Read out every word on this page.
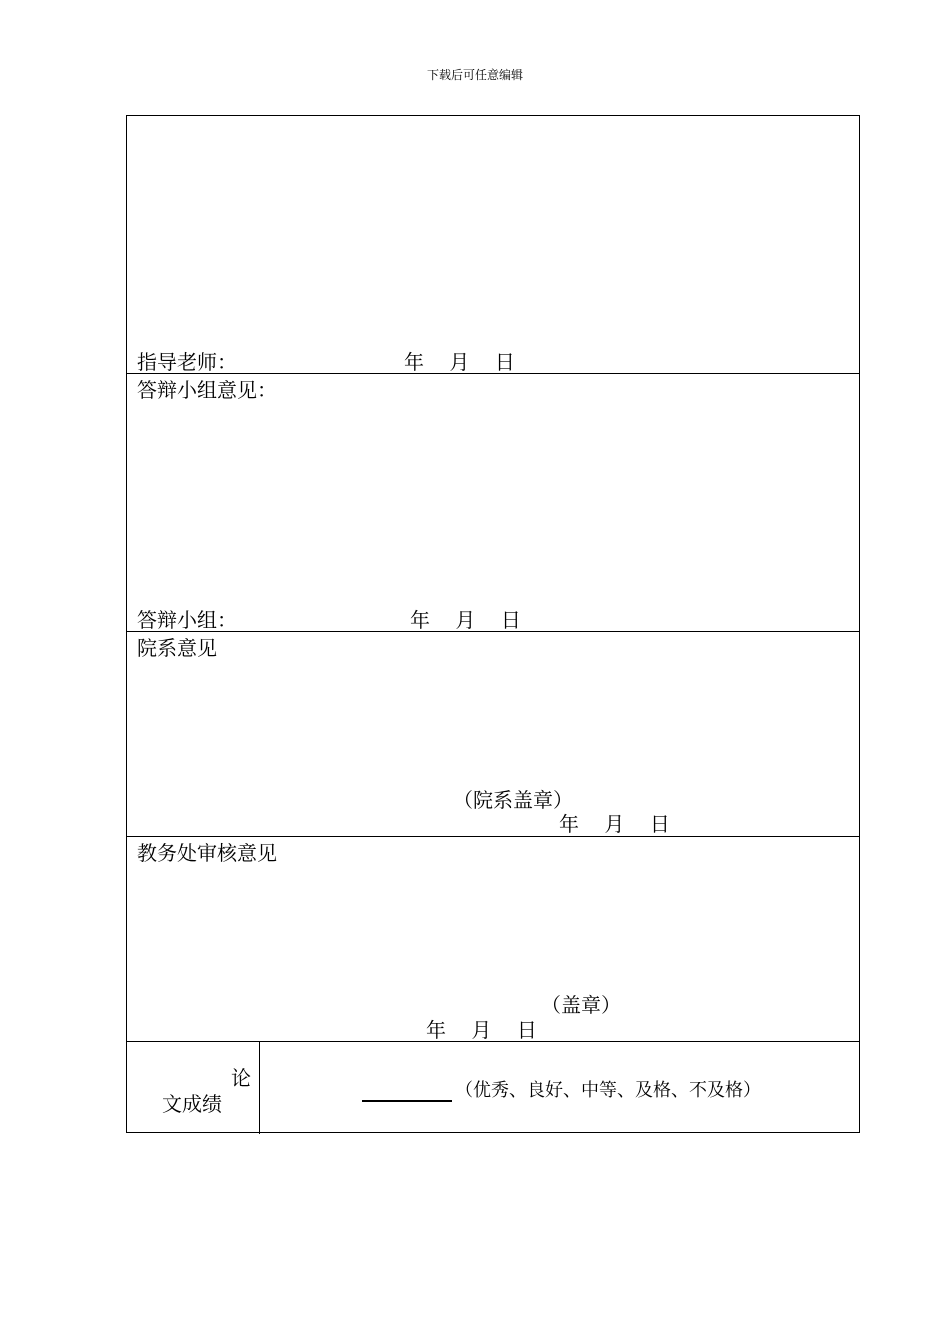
下载后可任意编辑
指导老师：	年    月    日
答辩小组意见：
答辩小组：	年    月    日
院系意见
（院系盖章）
年    月    日
教务处审核意见
（盖章）
年    月    日
论
文成绩
（优秀、良好、中等、及格、不及格）
